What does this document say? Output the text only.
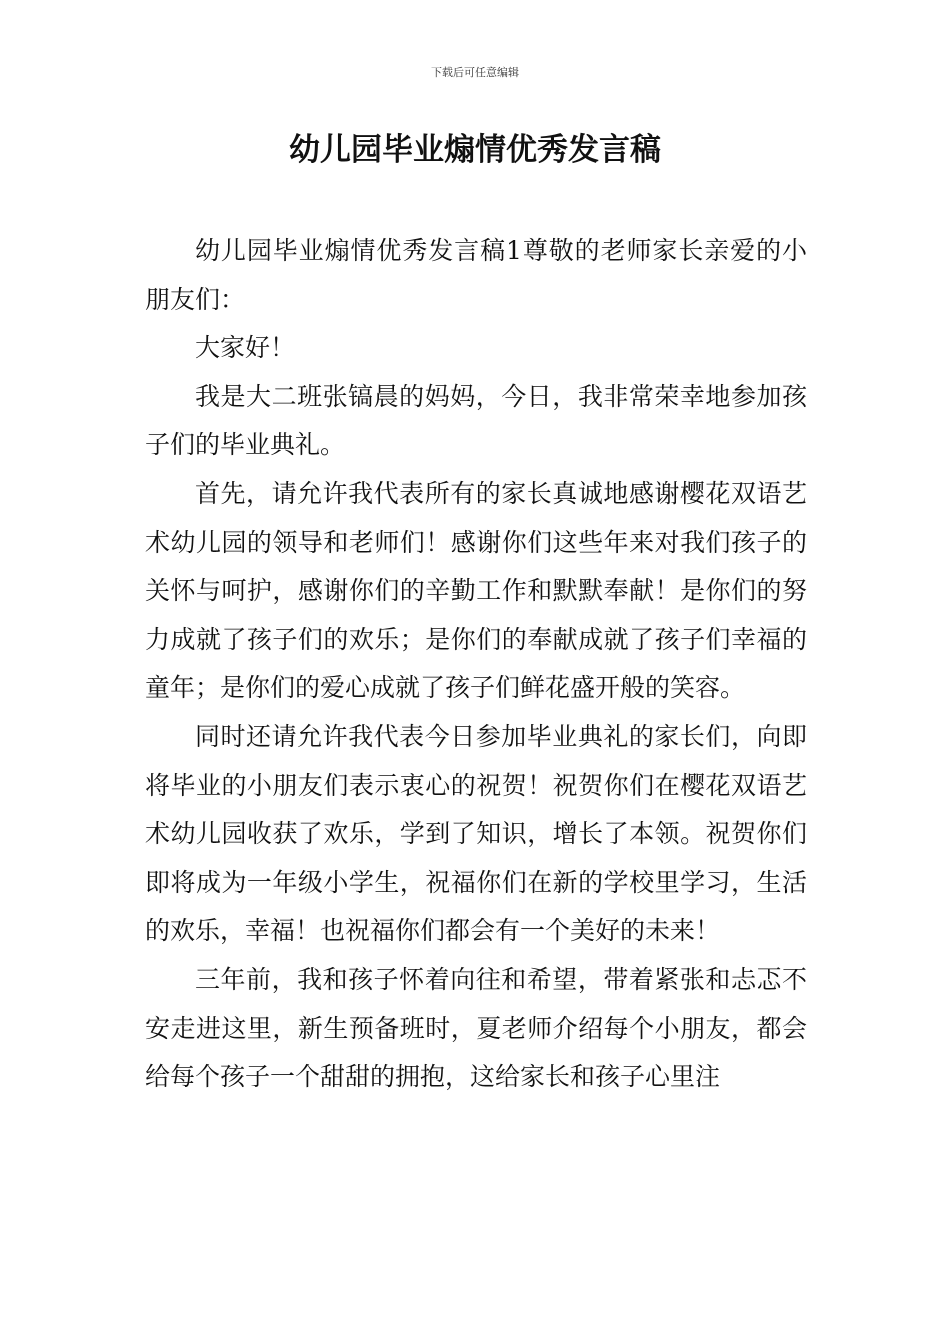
下载后可任意编辑
幼儿园毕业煽情优秀发言稿

幼儿园毕业煽情优秀发言稿1尊敬的老师家长亲爱的小朋友们：

大家好！

我是大二班张镐晨的妈妈，今日，我非常荣幸地参加孩子们的毕业典礼。

首先，请允许我代表所有的家长真诚地感谢樱花双语艺术幼儿园的领导和老师们！感谢你们这些年来对我们孩子的关怀与呵护，感谢你们的辛勤工作和默默奉献！是你们的努力成就了孩子们的欢乐；是你们的奉献成就了孩子们幸福的童年；是你们的爱心成就了孩子们鲜花盛开般的笑容。

同时还请允许我代表今日参加毕业典礼的家长们，向即将毕业的小朋友们表示衷心的祝贺！祝贺你们在樱花双语艺术幼儿园收获了欢乐，学到了知识，增长了本领。祝贺你们即将成为一年级小学生，祝福你们在新的学校里学习，生活的欢乐，幸福！也祝福你们都会有一个美好的未来！

三年前，我和孩子怀着向往和希望，带着紧张和忐忑不安走进这里，新生预备班时，夏老师介绍每个小朋友，都会给每个孩子一个甜甜的拥抱，这给家长和孩子心里注
